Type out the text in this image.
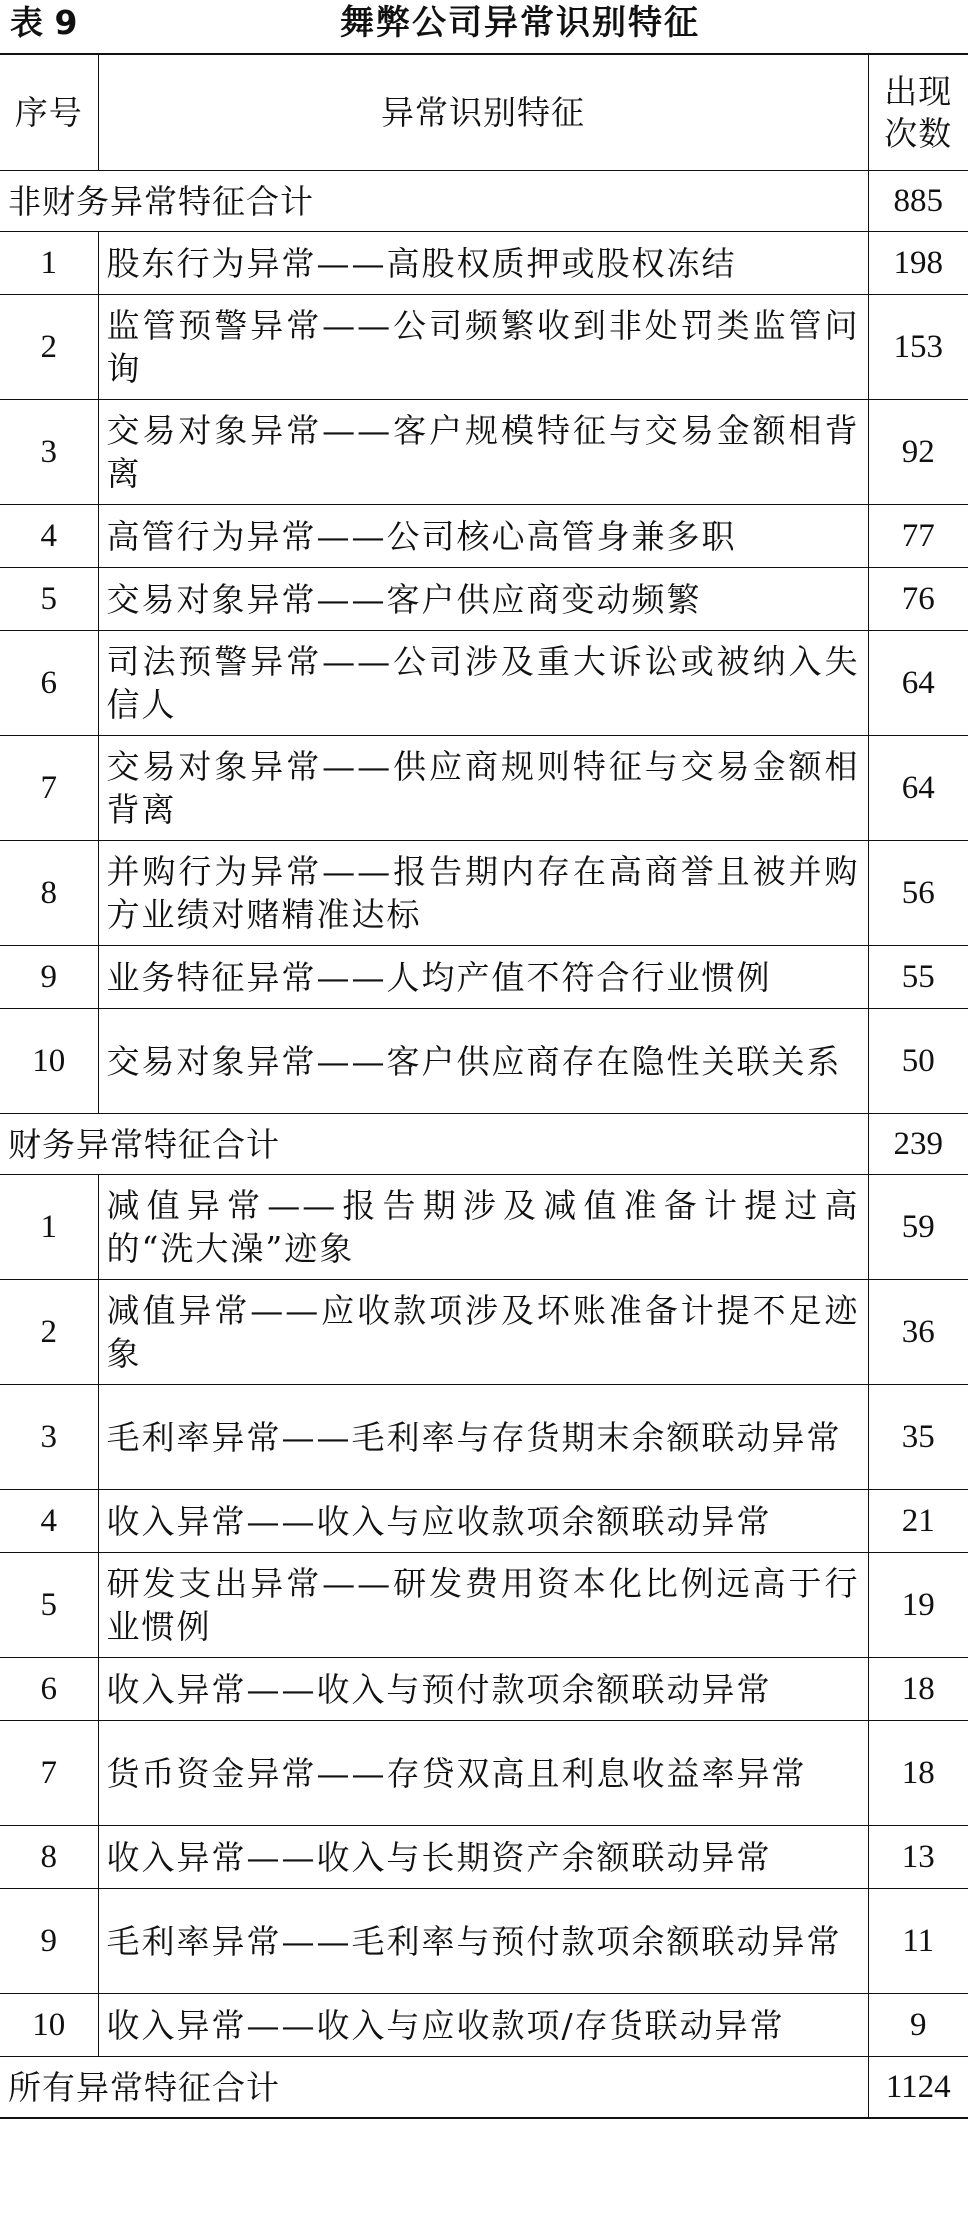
表 9	舞弊公司异常识别特征
序号	异常识别特征	出现次数
非财务异常特征合计		885
1	股东行为异常——高股权质押或股权冻结	198
2	监管预警异常——公司频繁收到非处罚类监管问询	153
3	交易对象异常——客户规模特征与交易金额相背离	92
4	高管行为异常——公司核心高管身兼多职	77
5	交易对象异常——客户供应商变动频繁	76
6	司法预警异常——公司涉及重大诉讼或被纳入失信人	64
7	交易对象异常——供应商规则特征与交易金额相背离	64
8	并购行为异常——报告期内存在高商誉且被并购方业绩对赌精准达标	56
9	业务特征异常——人均产值不符合行业惯例	55
10	交易对象异常——客户供应商存在隐性关联关系	50
财务异常特征合计		239
1	减值异常——报告期涉及减值准备计提过高的“洗大澡”迹象	59
2	减值异常——应收款项涉及坏账准备计提不足迹象	36
3	毛利率异常——毛利率与存货期末余额联动异常	35
4	收入异常——收入与应收款项余额联动异常	21
5	研发支出异常——研发费用资本化比例远高于行业惯例	19
6	收入异常——收入与预付款项余额联动异常	18
7	货币资金异常——存贷双高且利息收益率异常	18
8	收入异常——收入与长期资产余额联动异常	13
9	毛利率异常——毛利率与预付款项余额联动异常	11
10	收入异常——收入与应收款项/存货联动异常	9
所有异常特征合计		1124
